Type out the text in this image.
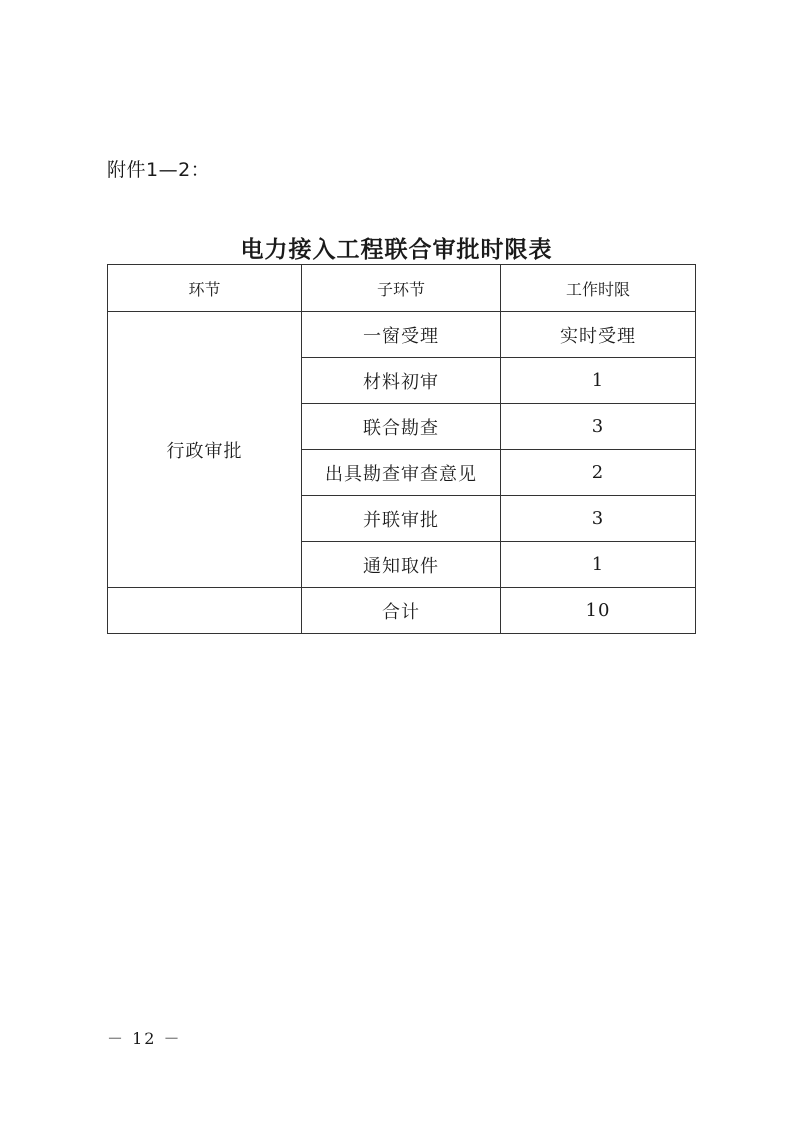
附件1—2：
电力接入工程联合审批时限表
环节	子环节	工作时限
行政审批	一窗受理	实时受理
	材料初审	1
	联合勘查	3
	出具勘查审查意见	2
	并联审批	3
	通知取件	1
	合计	10
－ 12 －
